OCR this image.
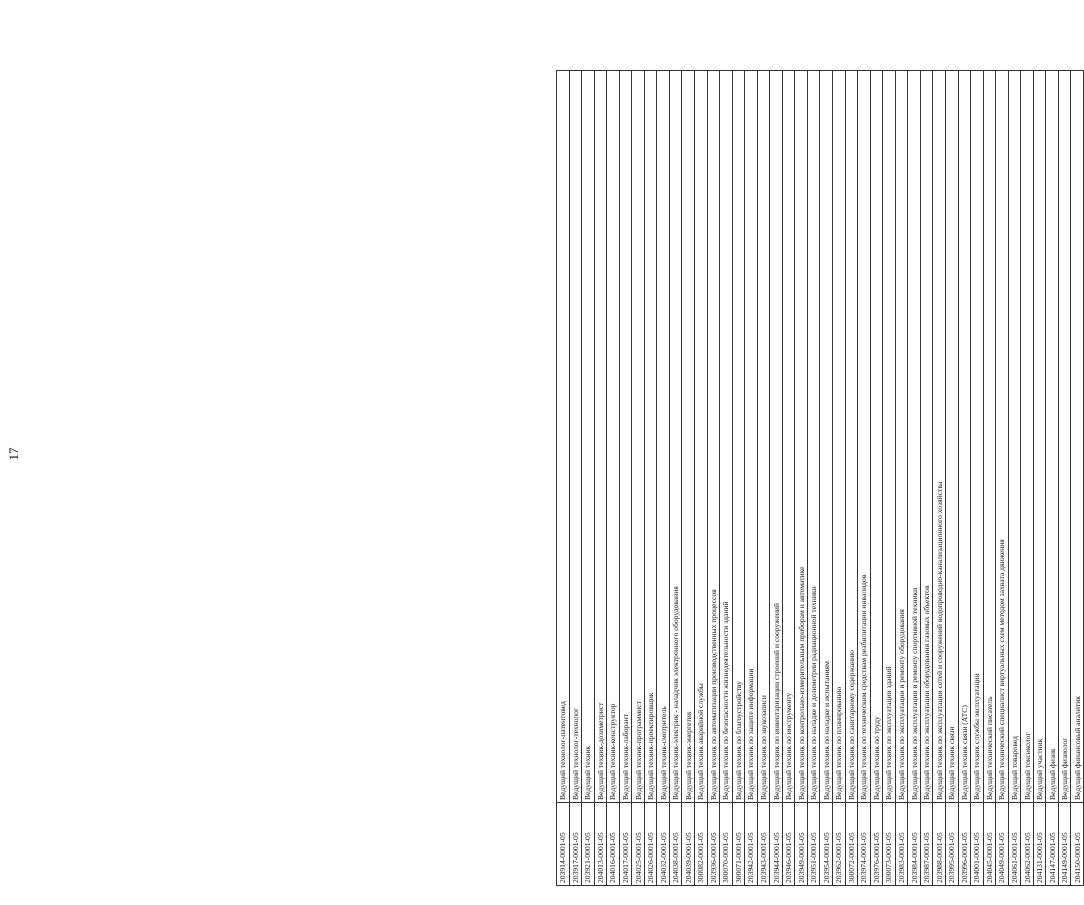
17
203914-0001-05	Ведущий технолог-патентовед
203917-0001-05	Ведущий технолог-технолог
203921-0001-05	Ведущий техник
204013-0001-05	Ведущий техник-дозиметрист
204016-0001-05	Ведущий техник-конструктор
204017-0001-05	Ведущий техник-лаборант
204025-0001-05	Ведущий техник-программист
204026-0001-05	Ведущий техник-проектировщик
204032-0001-05	Ведущий техник-смотритель
204038-0001-05	Ведущий техник-электрик - наладчик электронного оборудования
204039-0001-05	Ведущий техник-энергетик
300082-0001-05	Ведущий техник аварийной службы
203936-0001-05	Ведущий техник по автоматизации производственных процессов
300070-0001-05	Ведущий техник по безопасности жизнедеятельности зданий
300071-0001-05	Ведущий техник по благоустройству
203942-0001-05	Ведущий техник по защите информации
203943-0001-05	Ведущий техник по звукозаписи
203944-0001-05	Ведущий техник по инвентаризации строений и сооружений
203946-0001-05	Ведущий техник по инструменту
203949-0001-05	Ведущий техник по контрольно-измерительным приборам и автоматике
203951-0001-05	Ведущий техник по наладке и дозиметрии радиационной техники
203954-0001-05	Ведущий техник по наладке и испытаниям
203962-0001-05	Ведущий техник по планированию
300072-0001-05	Ведущий техник по санитарному содержанию
203974-0001-05	Ведущий техник по техническим средствам реабилитации инвалидов
203976-0001-05	Ведущий техник по труду
300073-0001-05	Ведущий техник по эксплуатации зданий
203983-0001-05	Ведущий техник по эксплуатации и ремонту оборудования
203984-0001-05	Ведущий техник по эксплуатации и ремонту спортивной техники
203987-0001-05	Ведущий техник по эксплуатации оборудования газовых объектов
203988-0001-05	Ведущий техник по эксплуатации сетей и сооружений водопроводно-канализационного хозяйства
203995-0001-05	Ведущий техник связи
203996-0001-05	Ведущий техник связи (АТС)
204001-0001-05	Ведущий техник службы эксплуатации
204045-0001-05	Ведущий технический писатель
204049-0001-05	Ведущий технический специалист виртуальных схем методом захвата движения
204061-0001-05	Ведущий товаровед
204062-0001-05	Ведущий токсиколог
204131-0001-05	Ведущий участник
204147-0001-05	Ведущий физик
204149-0001-05	Ведущий физиолог
204150-0001-05	Ведущий финансовый аналитик
